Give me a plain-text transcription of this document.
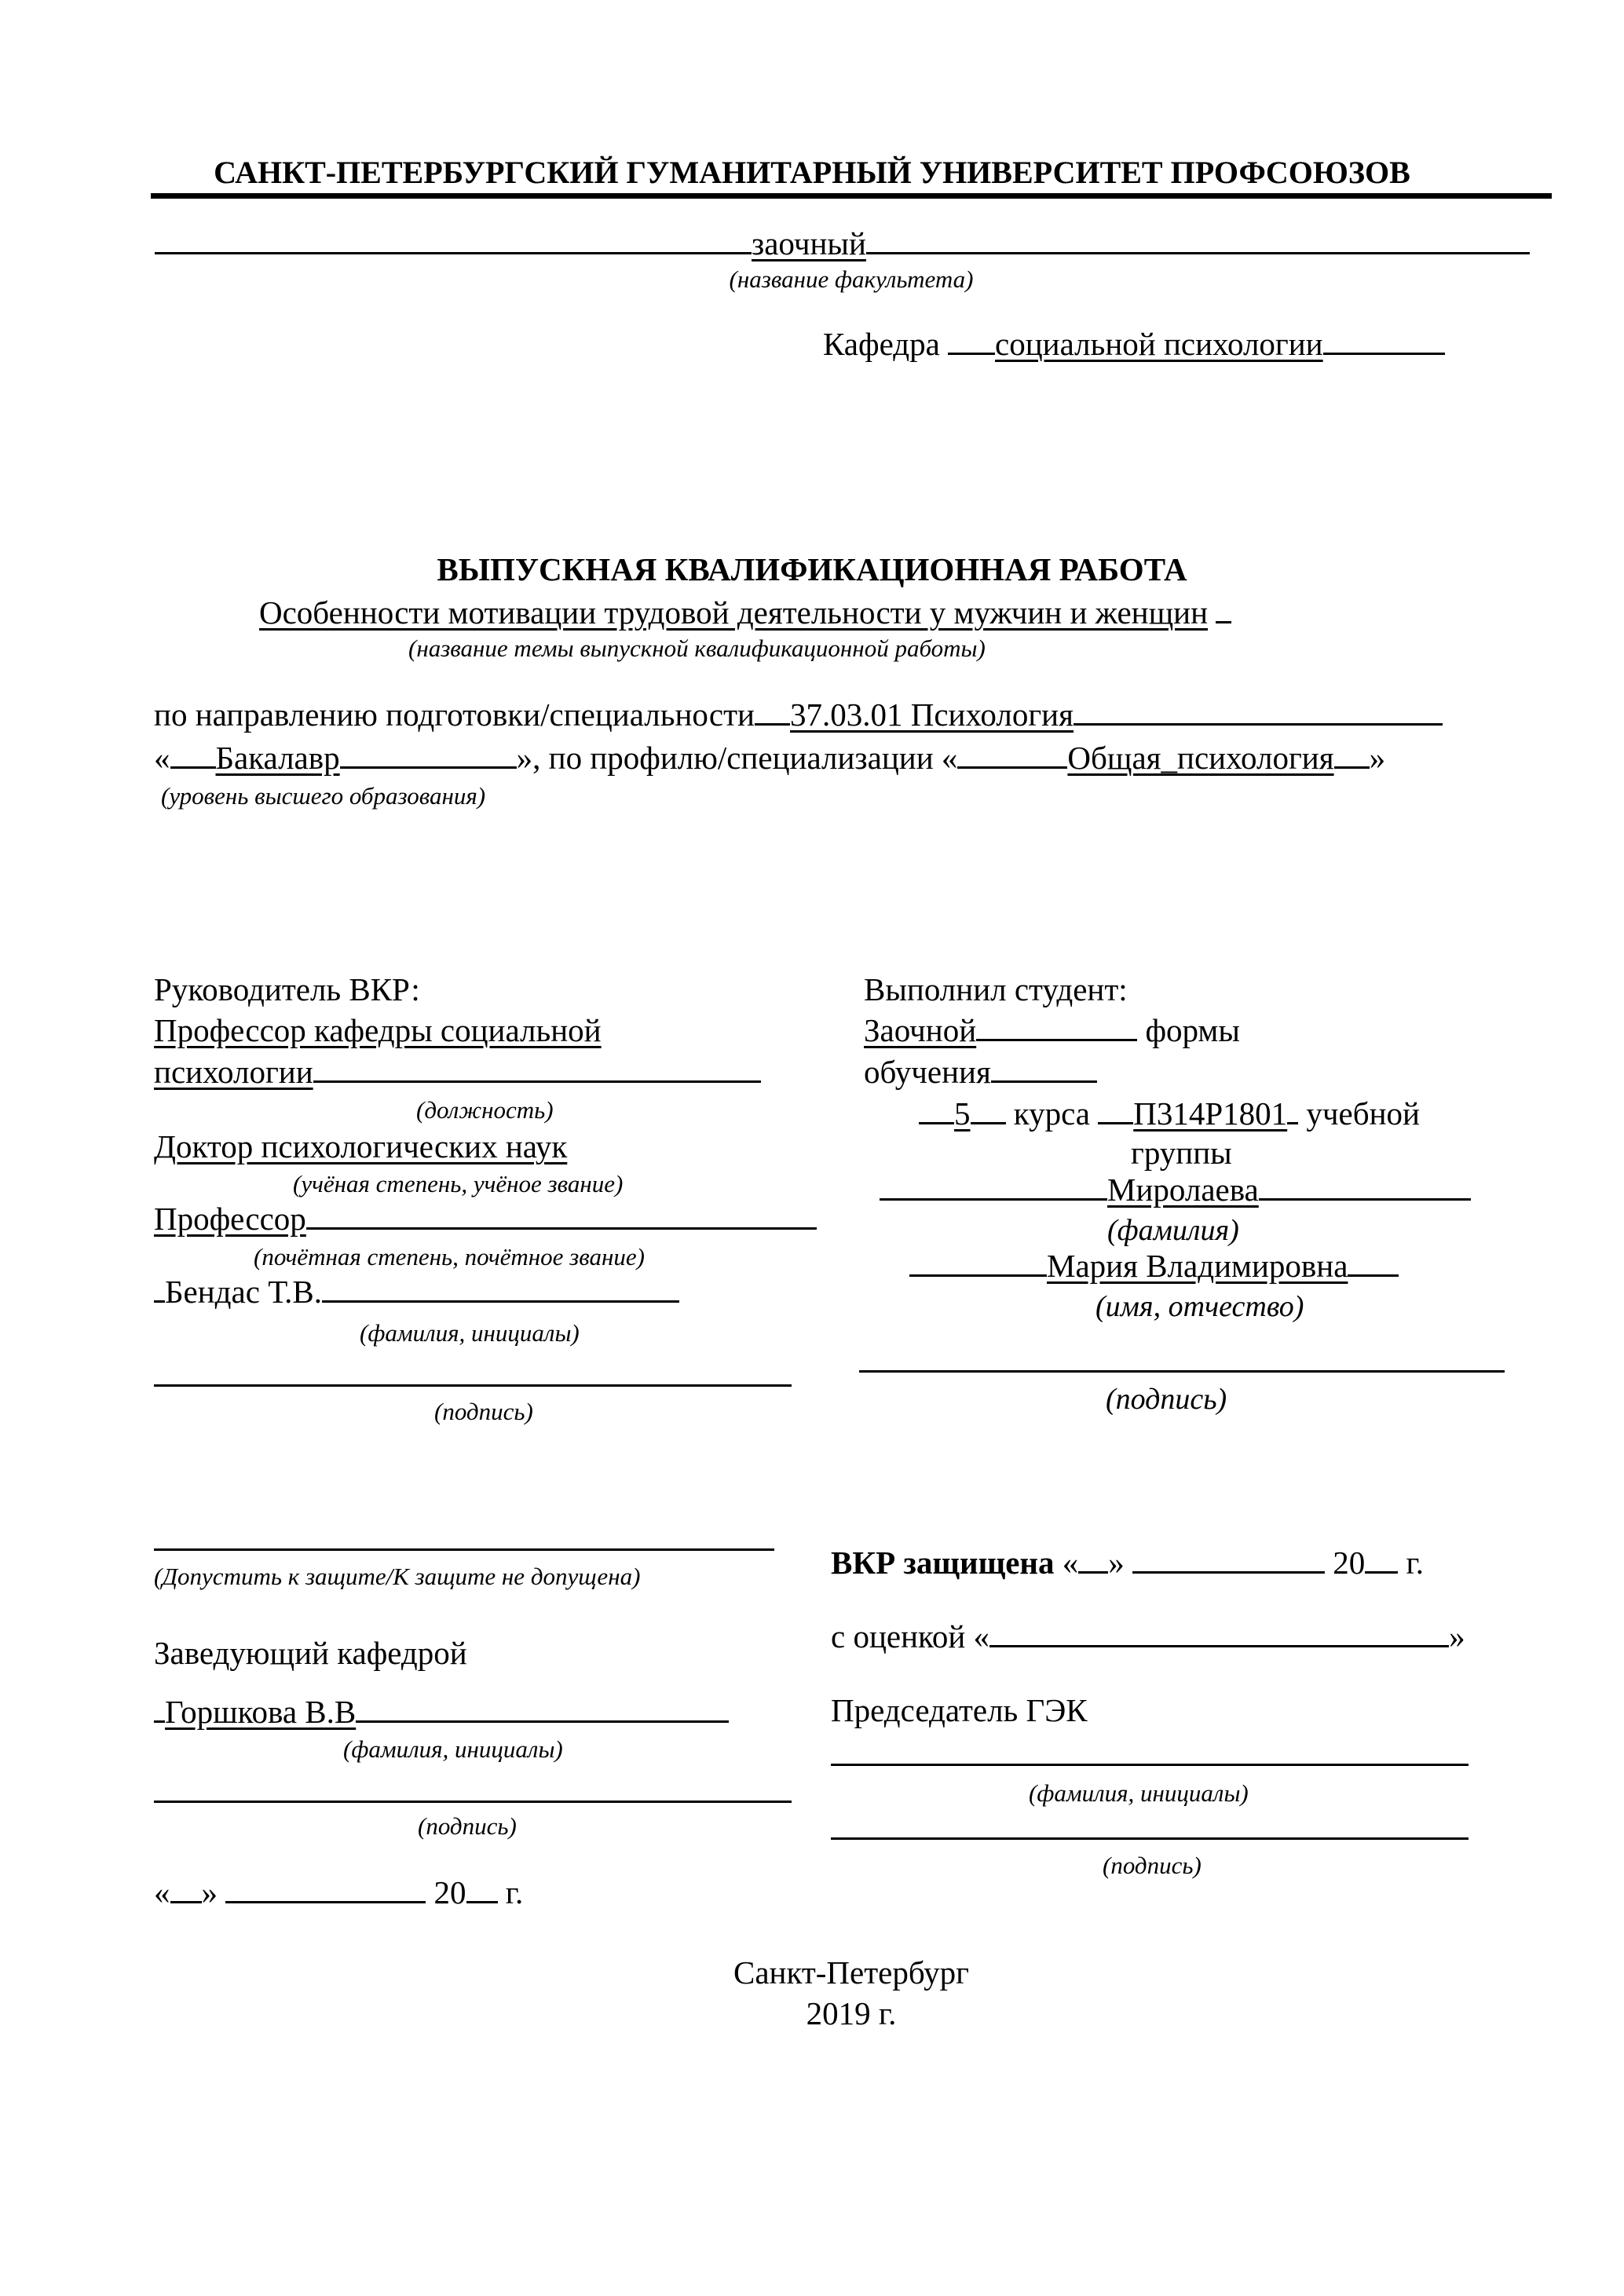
САНКТ-ПЕТЕРБУРГСКИЙ ГУМАНИТАРНЫЙ УНИВЕРСИТЕТ ПРОФСОЮЗОВ
заочный
(название факультета)
Кафедра социальной психологии
ВЫПУСКНАЯ КВАЛИФИКАЦИОННАЯ РАБОТА
Особенности мотивации трудовой деятельности у мужчин и женщин
(название темы выпускной квалификационной работы)
по направлению подготовки/специальности 37.03.01 Психология
« Бакалавр	», по профилю/специализации «	Общая_психология »
(уровень высшего образования)
Руководитель ВКР:
Профессор кафедры социальной
психологии
(должность)
Доктор психологических наук
(учёная степень, учёное звание)
Профессор
(почётная степень, почётное звание)
Бендас Т.В.
(фамилия, инициалы)
(подпись)
Выполнил студент:
Заочной	формы
обучения
5 курса П314Р1801 учебной
группы
Миролаева
(фамилия)
Мария Владимировна
(имя, отчество)
(подпись)
(Допустить к защите/К защите не допущена)
Заведующий кафедрой
Горшкова В.В
(фамилия, инициалы)
(подпись)
« »	20 г.
ВКР защищена « »	20 г.
с оценкой «	»
Председатель ГЭК
(фамилия, инициалы)
(подпись)
Санкт-Петербург
2019 г.
